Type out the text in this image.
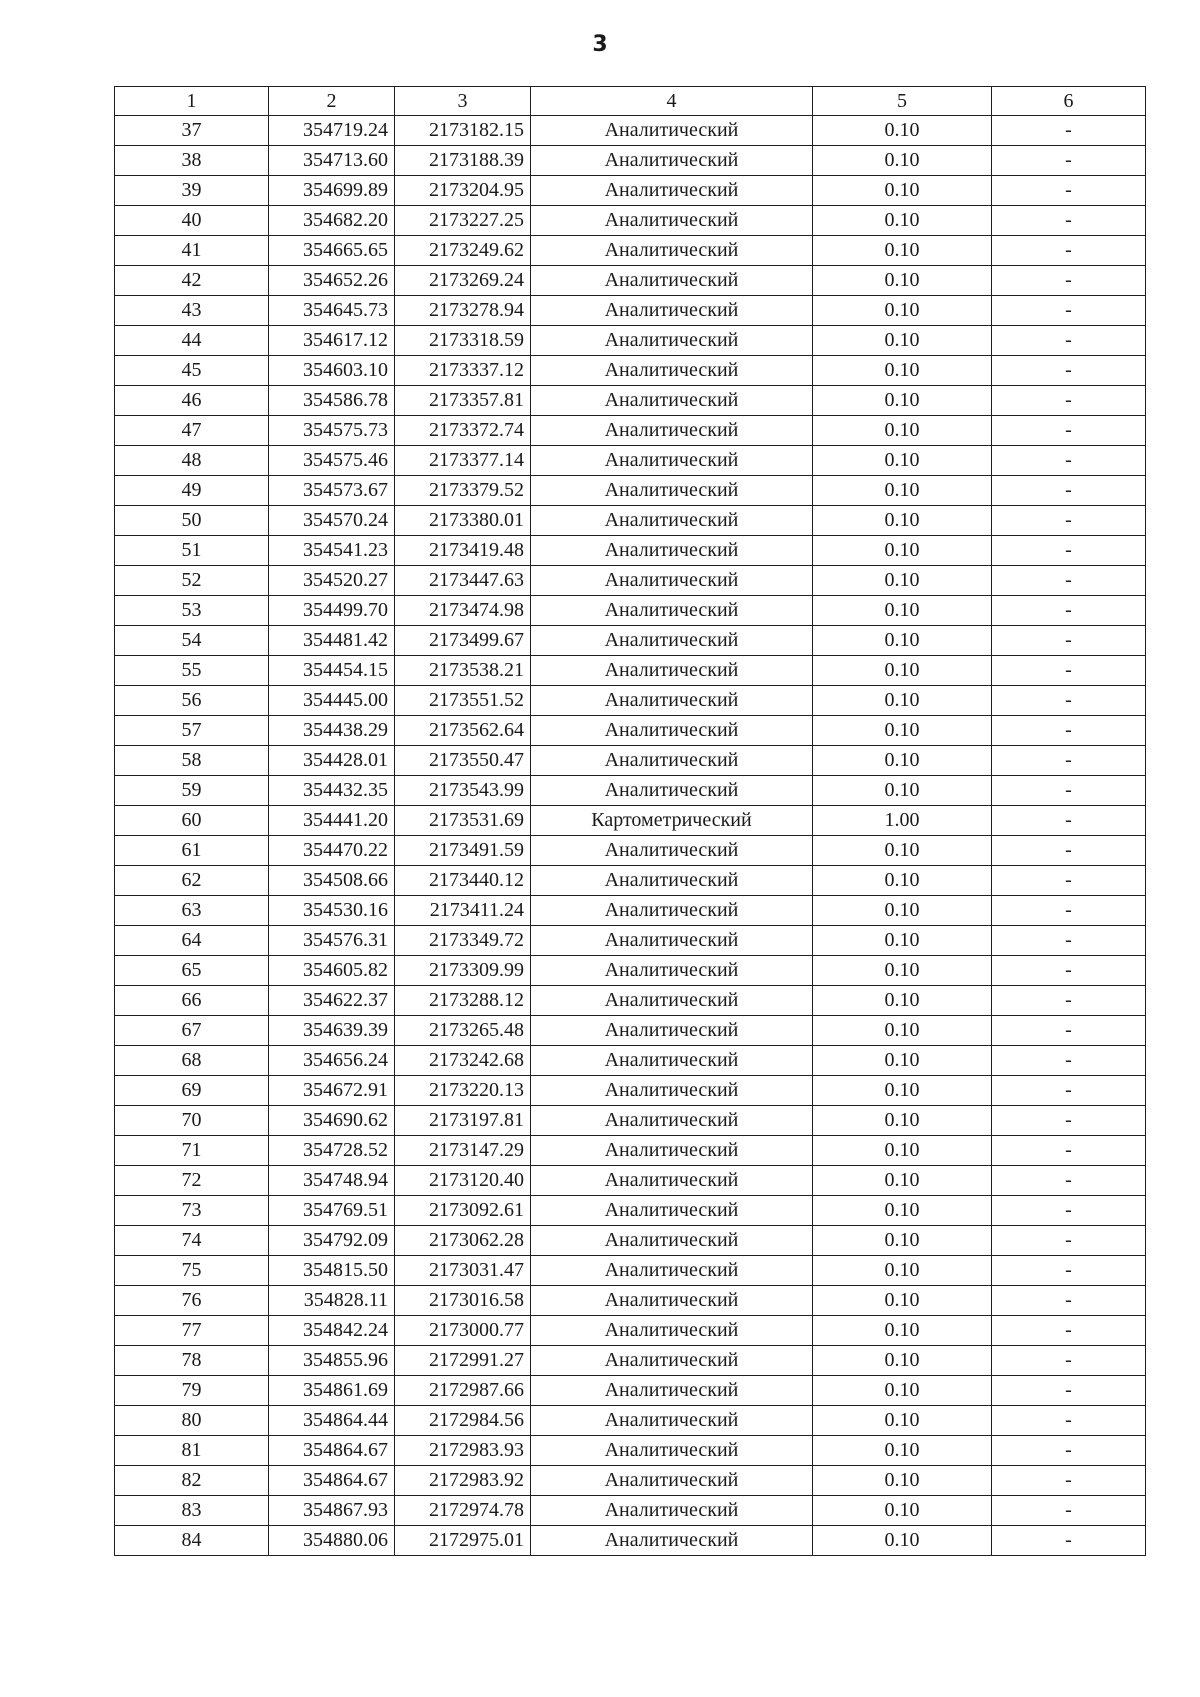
3
1	2	3	4	5	6
37	354719.24	2173182.15	Аналитический	0.10	-
38	354713.60	2173188.39	Аналитический	0.10	-
39	354699.89	2173204.95	Аналитический	0.10	-
40	354682.20	2173227.25	Аналитический	0.10	-
41	354665.65	2173249.62	Аналитический	0.10	-
42	354652.26	2173269.24	Аналитический	0.10	-
43	354645.73	2173278.94	Аналитический	0.10	-
44	354617.12	2173318.59	Аналитический	0.10	-
45	354603.10	2173337.12	Аналитический	0.10	-
46	354586.78	2173357.81	Аналитический	0.10	-
47	354575.73	2173372.74	Аналитический	0.10	-
48	354575.46	2173377.14	Аналитический	0.10	-
49	354573.67	2173379.52	Аналитический	0.10	-
50	354570.24	2173380.01	Аналитический	0.10	-
51	354541.23	2173419.48	Аналитический	0.10	-
52	354520.27	2173447.63	Аналитический	0.10	-
53	354499.70	2173474.98	Аналитический	0.10	-
54	354481.42	2173499.67	Аналитический	0.10	-
55	354454.15	2173538.21	Аналитический	0.10	-
56	354445.00	2173551.52	Аналитический	0.10	-
57	354438.29	2173562.64	Аналитический	0.10	-
58	354428.01	2173550.47	Аналитический	0.10	-
59	354432.35	2173543.99	Аналитический	0.10	-
60	354441.20	2173531.69	Картометрический	1.00	-
61	354470.22	2173491.59	Аналитический	0.10	-
62	354508.66	2173440.12	Аналитический	0.10	-
63	354530.16	2173411.24	Аналитический	0.10	-
64	354576.31	2173349.72	Аналитический	0.10	-
65	354605.82	2173309.99	Аналитический	0.10	-
66	354622.37	2173288.12	Аналитический	0.10	-
67	354639.39	2173265.48	Аналитический	0.10	-
68	354656.24	2173242.68	Аналитический	0.10	-
69	354672.91	2173220.13	Аналитический	0.10	-
70	354690.62	2173197.81	Аналитический	0.10	-
71	354728.52	2173147.29	Аналитический	0.10	-
72	354748.94	2173120.40	Аналитический	0.10	-
73	354769.51	2173092.61	Аналитический	0.10	-
74	354792.09	2173062.28	Аналитический	0.10	-
75	354815.50	2173031.47	Аналитический	0.10	-
76	354828.11	2173016.58	Аналитический	0.10	-
77	354842.24	2173000.77	Аналитический	0.10	-
78	354855.96	2172991.27	Аналитический	0.10	-
79	354861.69	2172987.66	Аналитический	0.10	-
80	354864.44	2172984.56	Аналитический	0.10	-
81	354864.67	2172983.93	Аналитический	0.10	-
82	354864.67	2172983.92	Аналитический	0.10	-
83	354867.93	2172974.78	Аналитический	0.10	-
84	354880.06	2172975.01	Аналитический	0.10	-
